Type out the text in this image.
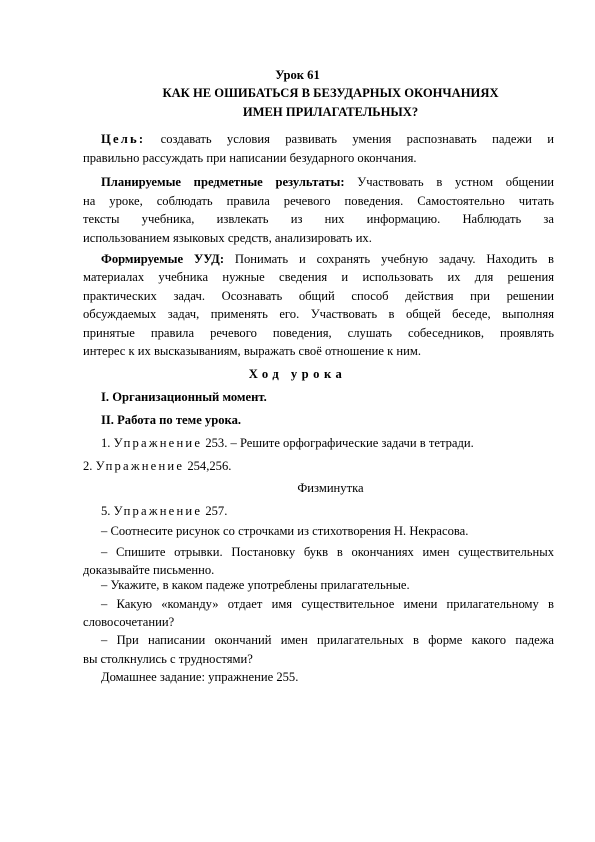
Урок 61
КАК НЕ ОШИБАТЬСЯ В БЕЗУДАРНЫХ ОКОНЧАНИЯХ
ИМЕН ПРИЛАГАТЕЛЬНЫХ?
Цель: создавать условия развивать умения распознавать падежи и
правильно рассуждать при написании безударного окончания.
Планируемые предметные результаты: Участвовать в устном общении
на уроке, соблюдать правила речевого поведения. Самостоятельно читать
тексты учебника, извлекать из них информацию. Наблюдать за
использованием языковых средств, анализировать их.
Формируемые УУД: Понимать и сохранять учебную задачу. Находить в
материалах учебника нужные сведения и использовать их для решения
практических задач. Осознавать общий способ действия при решении
обсуждаемых задач, применять его. Участвовать в общей беседе, выполняя
принятые правила речевого поведения, слушать собеседников, проявлять
интерес к их высказываниям, выражать своё отношение к ним.
Ход урока
I. Организационный момент.
II. Работа по теме урока.
1. Упражнение 253. – Решите орфографические задачи в тетради.
2. Упражнение 254,256.
Физминутка
5. Упражнение 257.
– Соотнесите рисунок со строчками из стихотворения Н. Некрасова.
– Спишите отрывки. Постановку букв в окончаниях имен существительных
доказывайте письменно.
– Укажите, в каком падеже употреблены прилагательные.
– Какую «команду» отдает имя существительное имени прилагательному в
словосочетании?
– При написании окончаний имен прилагательных в форме какого падежа
вы столкнулись с трудностями?
Домашнее задание: упражнение 255.
